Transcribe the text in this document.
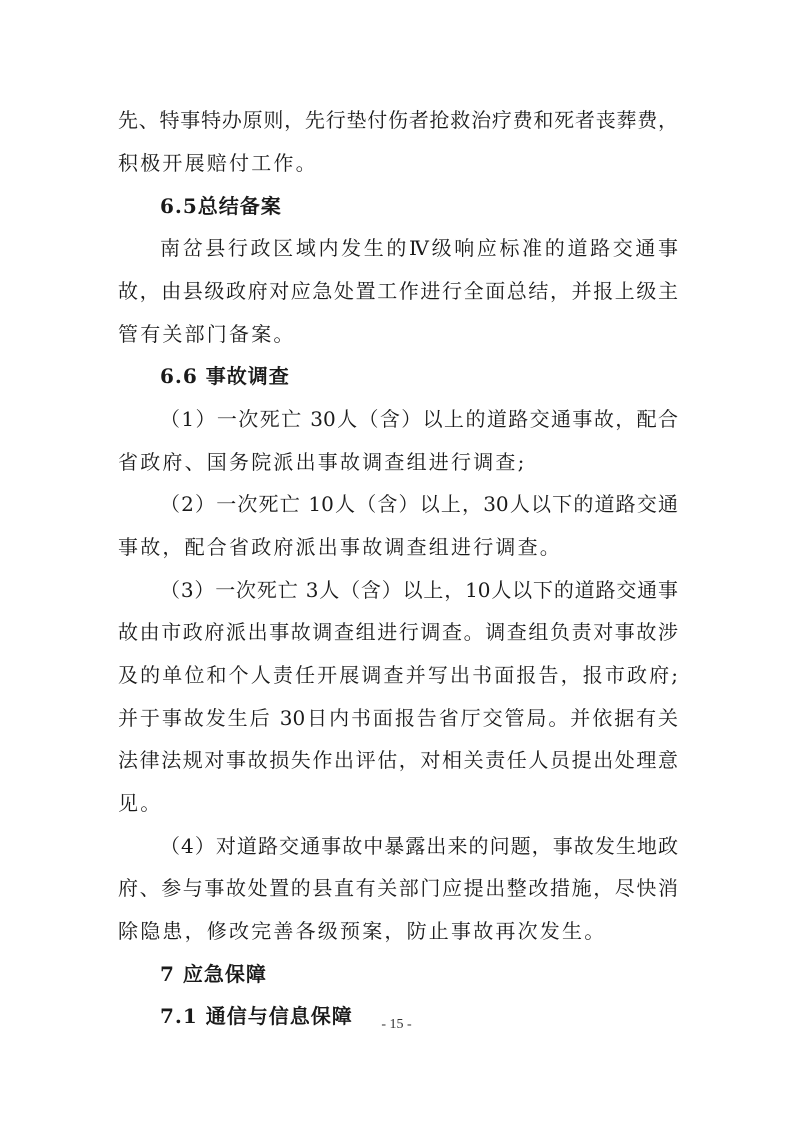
先、特事特办原则，先行垫付伤者抢救治疗费和死者丧葬费，
积极开展赔付工作。
6.5总结备案
南岔县行政区域内发生的Ⅳ级响应标准的道路交通事
故，由县级政府对应急处置工作进行全面总结，并报上级主
管有关部门备案。
6.6 事故调查
（1）一次死亡 30人（含）以上的道路交通事故，配合
省政府、国务院派出事故调查组进行调查;
（2）一次死亡 10人（含）以上，30人以下的道路交通
事故，配合省政府派出事故调查组进行调查。
（3）一次死亡 3人（含）以上，10人以下的道路交通事
故由市政府派出事故调查组进行调查。调查组负责对事故涉
及的单位和个人责任开展调查并写出书面报告，报市政府;
并于事故发生后 30日内书面报告省厅交管局。并依据有关
法律法规对事故损失作出评估，对相关责任人员提出处理意
见。
（4）对道路交通事故中暴露出来的问题，事故发生地政
府、参与事故处置的县直有关部门应提出整改措施，尽快消
除隐患，修改完善各级预案，防止事故再次发生。
7 应急保障
7.1 通信与信息保障	- 15 -
